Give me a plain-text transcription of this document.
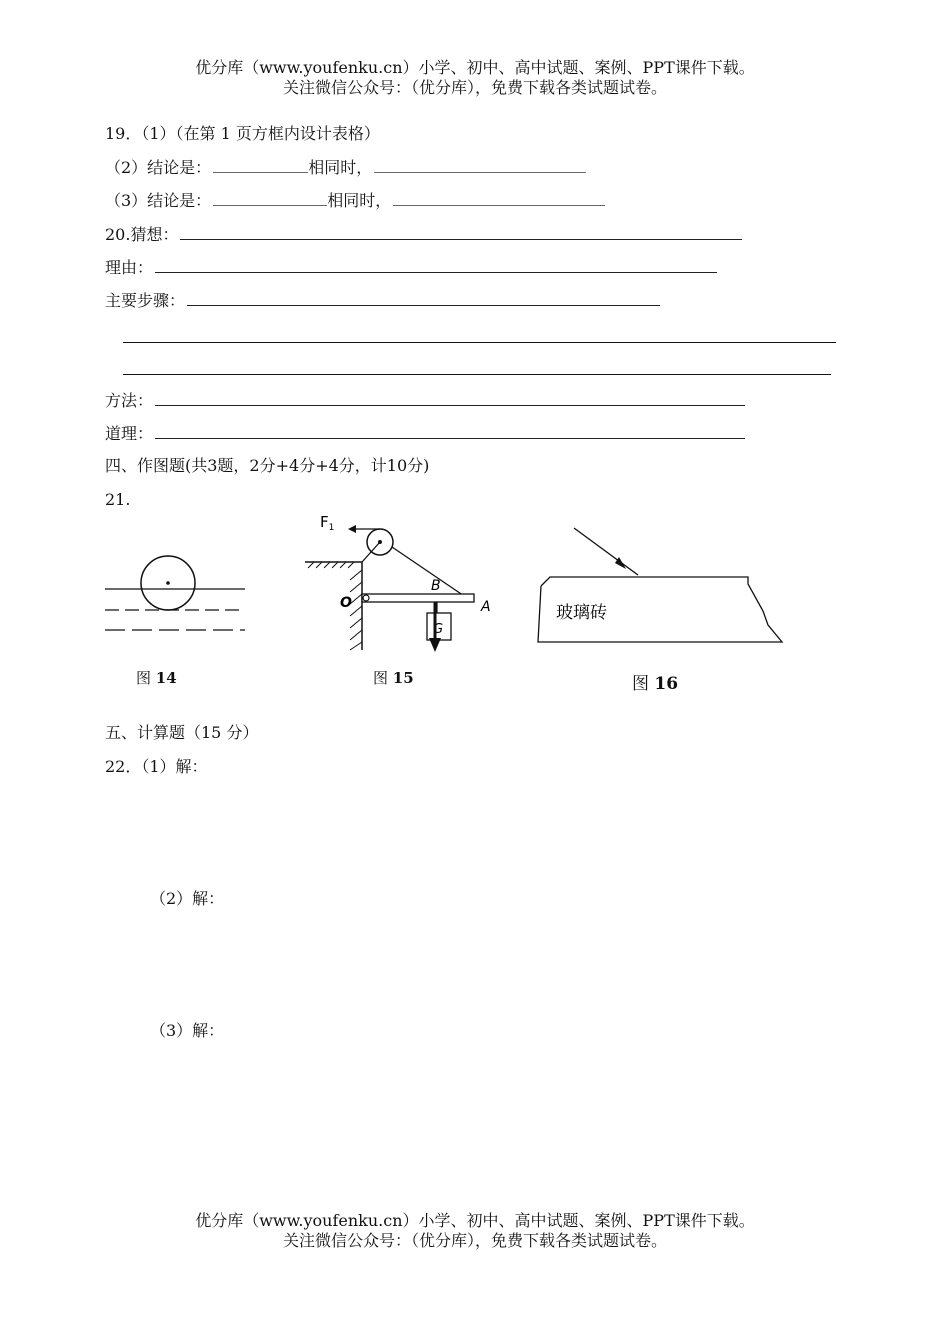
优分库（www.youfenku.cn）小学、初中、高中试题、案例、PPT课件下载。
关注微信公众号：（优分库），免费下载各类试题试卷。
19．（1）（在第 1 页方框内设计表格）
（2）结论是：	相同时，
（3）结论是：	相同时，
20.猜想：
理由：
主要步骤：
方法：
道理：
四、作图题(共3题，2分+4分+4分，计10分)
21.
图 14
$F_1$
O
B
A
G
图 15
玻璃砖
图 16
五、计算题（15 分）
22．（1）解：
（2）解：
（3）解：
优分库（www.youfenku.cn）小学、初中、高中试题、案例、PPT课件下载。
关注微信公众号：（优分库），免费下载各类试题试卷。
